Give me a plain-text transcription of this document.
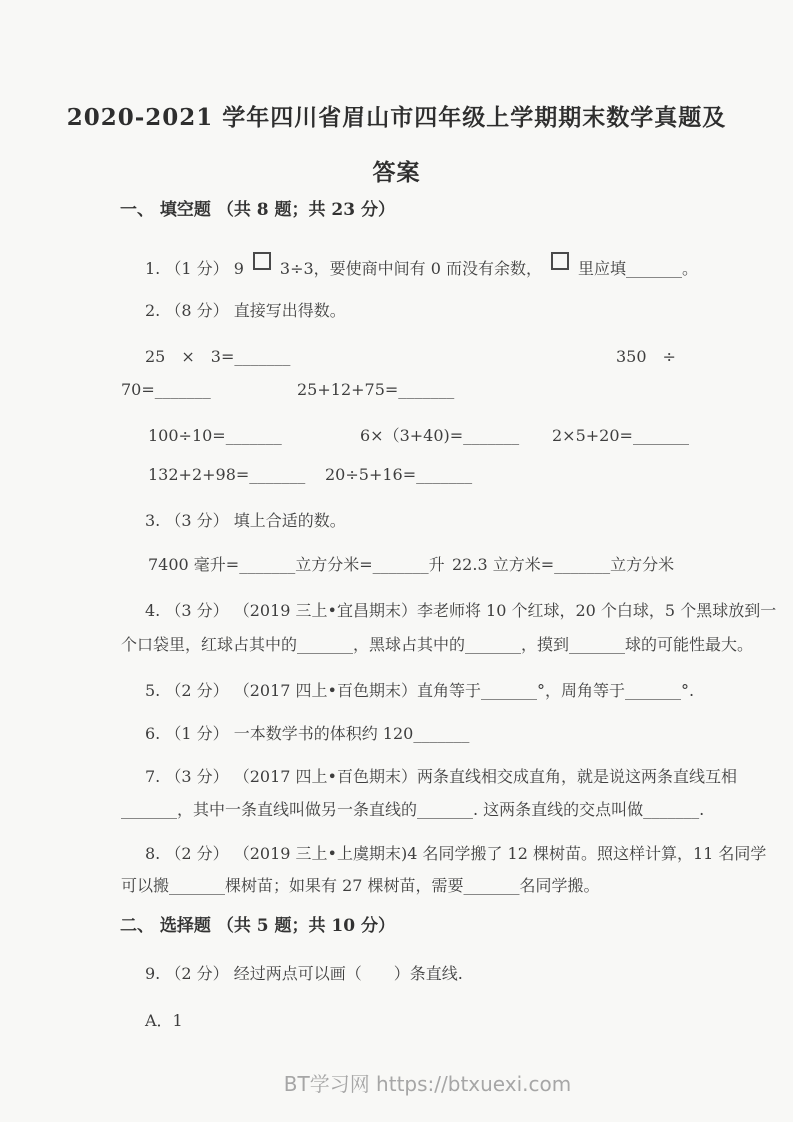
2020-2021 学年四川省眉山市四年级上学期期末数学真题及
答案
一、 填空题 （共 8 题；共 23 分）

1. （1 分） 9 3÷3，要使商中间有 0 而没有余数， 里应填_______。

2. （8 分） 直接写出得数。

25　×　3=_______	350　÷

70=_______	25+12+75=_______

100÷10=_______	6×（3+40)=_______ 2×5+20=_______

132+2+98=_______ 20÷5+16=_______

3. （3 分） 填上合适的数。

7400 毫升=_______立方分米=_______升 22.3 立方米=_______立方分米

4. （3 分） （2019 三上•宜昌期末）李老师将 10 个红球，20 个白球，5 个黑球放到一

个口袋里，红球占其中的_______，黑球占其中的_______，摸到_______球的可能性最大。

5. （2 分） （2017 四上•百色期末）直角等于_______°，周角等于_______°.

6. （1 分） 一本数学书的体积约 120_______

7. （3 分） （2017 四上•百色期末）两条直线相交成直角，就是说这两条直线互相

_______，其中一条直线叫做另一条直线的_______. 这两条直线的交点叫做_______.

8. （2 分） （2019 三上•上虞期末)4 名同学搬了 12 棵树苗。照这样计算，11 名同学

可以搬_______棵树苗；如果有 27 棵树苗，需要_______名同学搬。

二、 选择题 （共 5 题；共 10 分）

9. （2 分） 经过两点可以画（　　）条直线.

A．1

BT学习网 https://btxuexi.com
